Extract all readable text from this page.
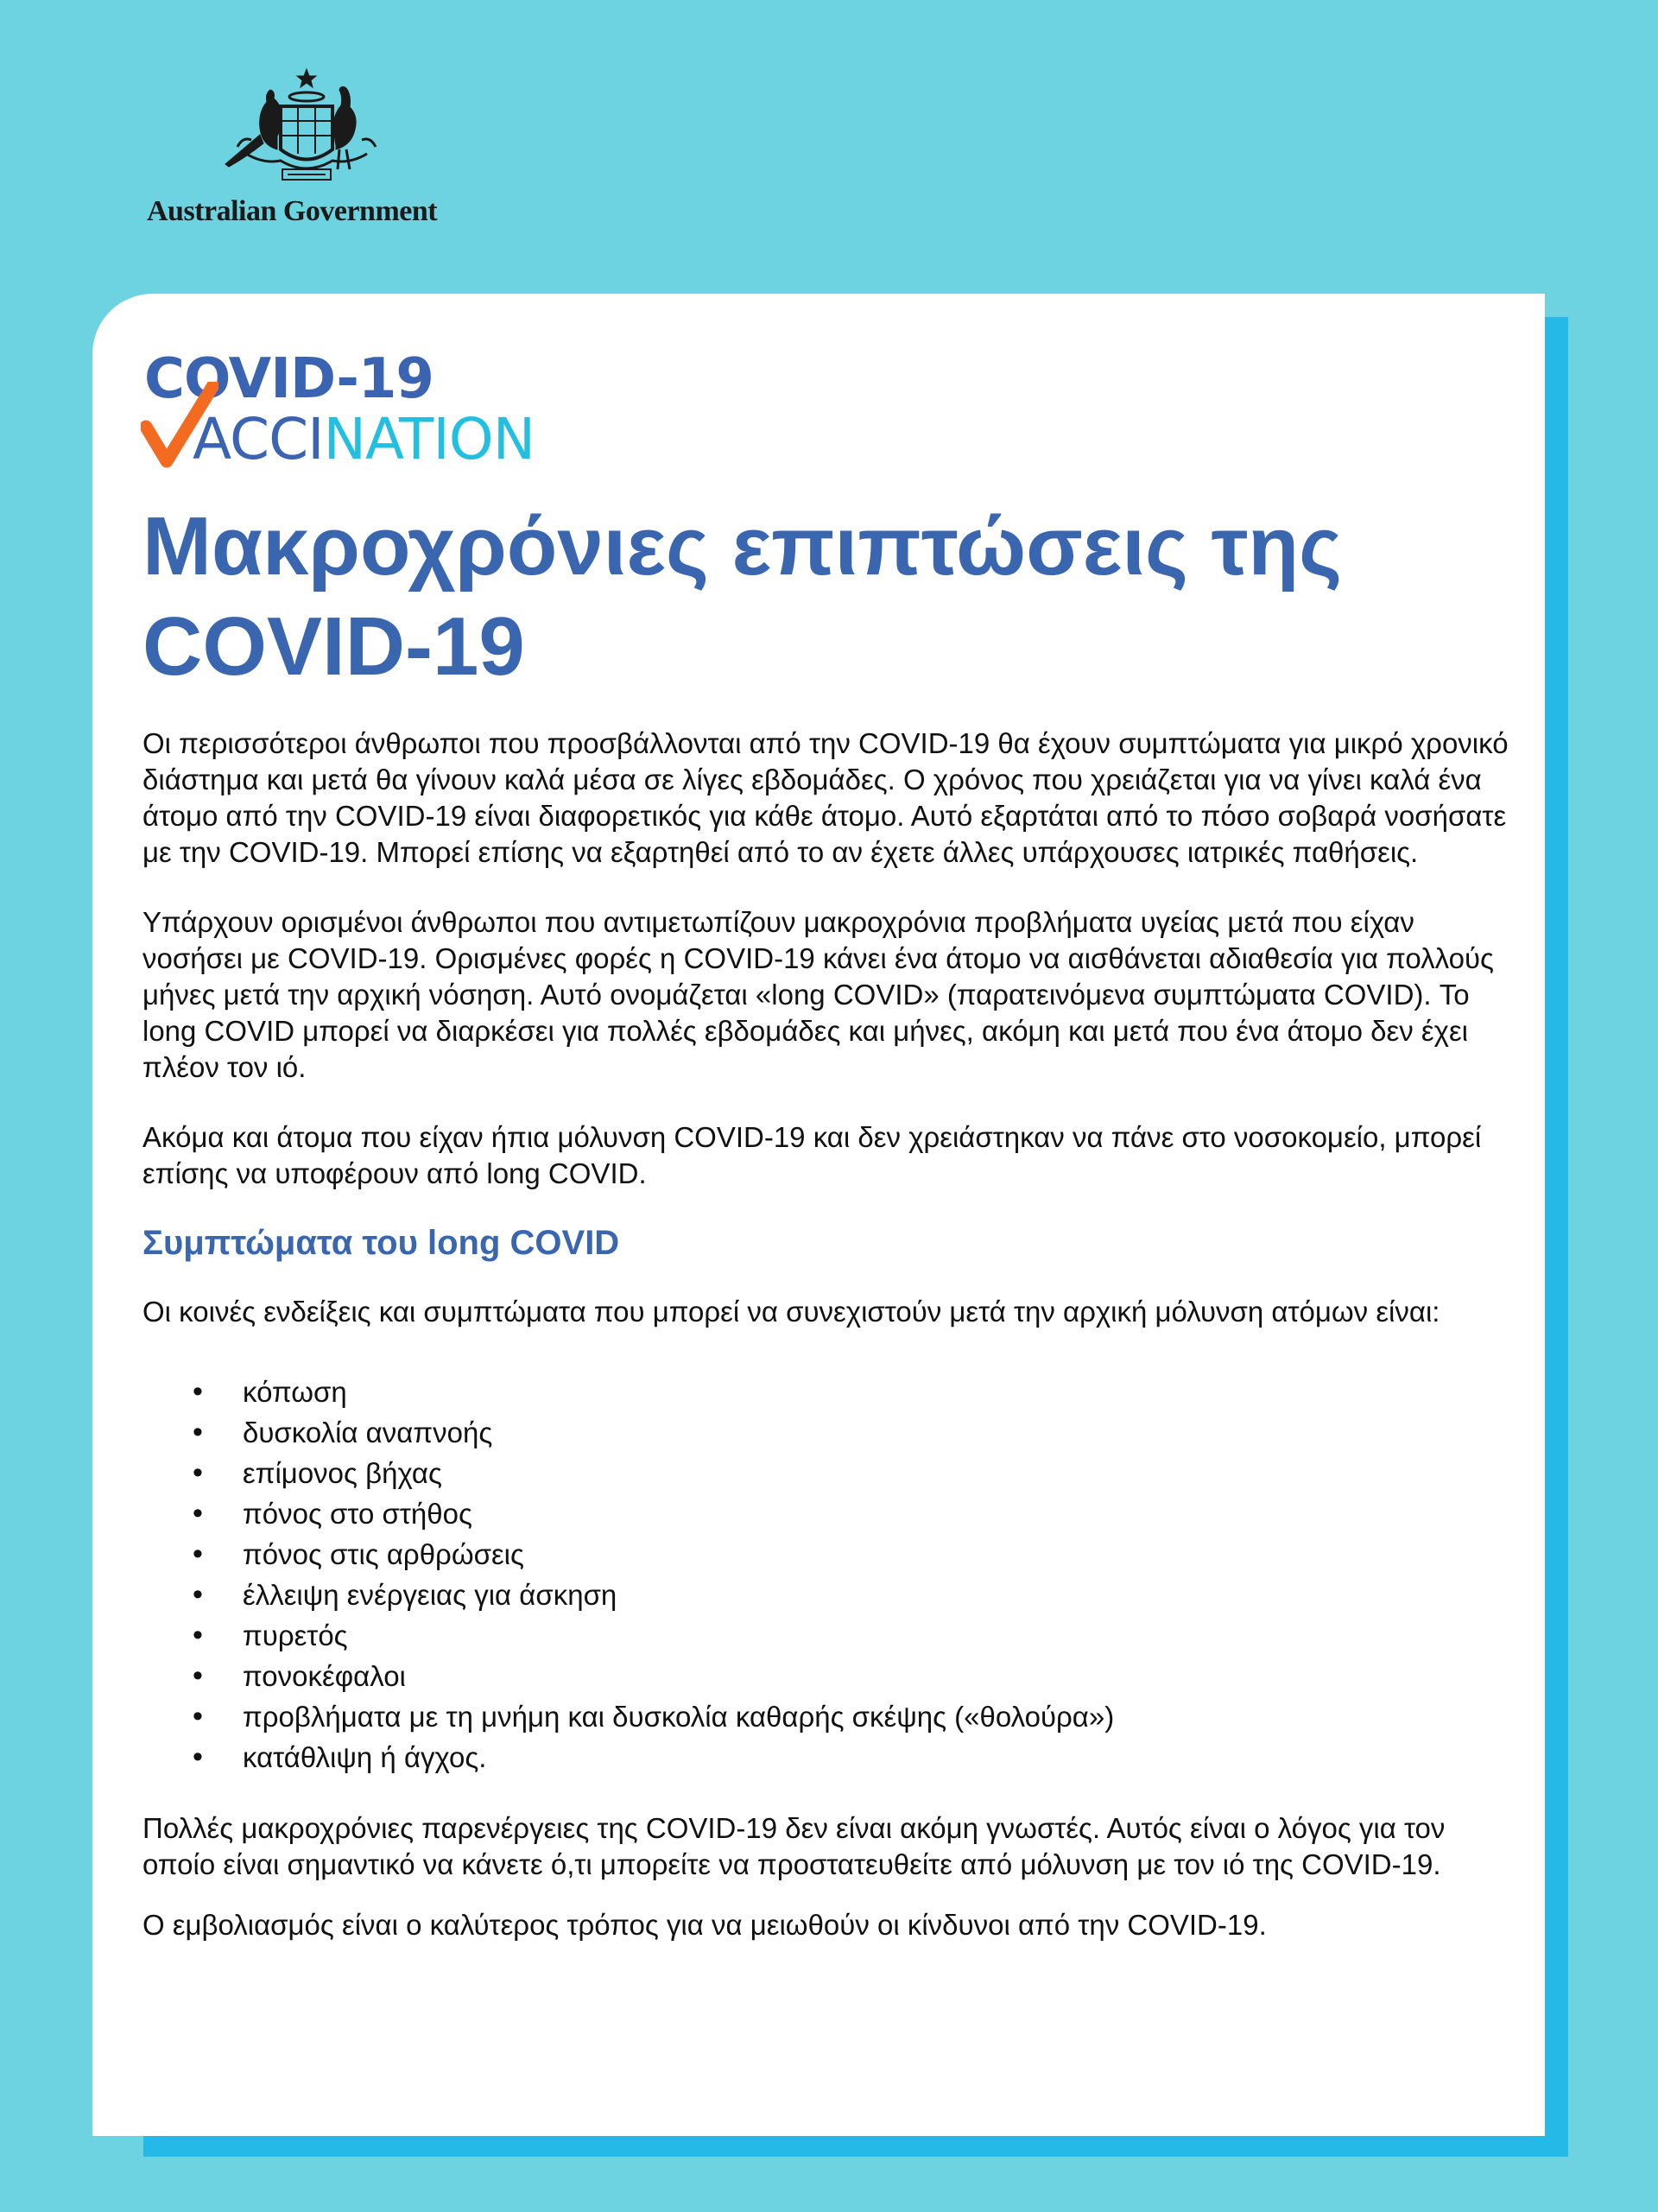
Australian Government
COVID-19
ACCINATION
Μακροχρόνιες επιπτώσεις της COVID-19

Οι περισσότεροι άνθρωποι που προσβάλλονται από την COVID-19 θα έχουν συμπτώματα για μικρό χρονικό διάστημα και μετά θα γίνουν καλά μέσα σε λίγες εβδομάδες. Ο χρόνος που χρειάζεται για να γίνει καλά ένα άτομο από την COVID-19 είναι διαφορετικός για κάθε άτομο. Αυτό εξαρτάται από το πόσο σοβαρά νοσήσατε με την COVID-19. Μπορεί επίσης να εξαρτηθεί από το αν έχετε άλλες υπάρχουσες ιατρικές παθήσεις.

Υπάρχουν ορισμένοι άνθρωποι που αντιμετωπίζουν μακροχρόνια προβλήματα υγείας μετά που είχαν νοσήσει με COVID-19. Ορισμένες φορές η COVID-19 κάνει ένα άτομο να αισθάνεται αδιαθεσία για πολλούς μήνες μετά την αρχική νόσηση. Αυτό ονομάζεται «long COVID» (παρατεινόμενα συμπτώματα COVID). Το long COVID μπορεί να διαρκέσει για πολλές εβδομάδες και μήνες, ακόμη και μετά που ένα άτομο δεν έχει πλέον τον ιό.

Ακόμα και άτομα που είχαν ήπια μόλυνση COVID-19 και δεν χρειάστηκαν να πάνε στο νοσοκομείο, μπορεί επίσης να υποφέρουν από long COVID.

Συμπτώματα του long COVID

Οι κοινές ενδείξεις και συμπτώματα που μπορεί να συνεχιστούν μετά την αρχική μόλυνση ατόμων είναι:

• κόπωση
• δυσκολία αναπνοής
• επίμονος βήχας
• πόνος στο στήθος
• πόνος στις αρθρώσεις
• έλλειψη ενέργειας για άσκηση
• πυρετός
• πονοκέφαλοι
• προβλήματα με τη μνήμη και δυσκολία καθαρής σκέψης («θολούρα»)
• κατάθλιψη ή άγχος.

Πολλές μακροχρόνιες παρενέργειες της COVID-19 δεν είναι ακόμη γνωστές. Αυτός είναι ο λόγος για τον οποίο είναι σημαντικό να κάνετε ό,τι μπορείτε να προστατευθείτε από μόλυνση με τον ιό της COVID-19.

Ο εμβολιασμός είναι ο καλύτερος τρόπος για να μειωθούν οι κίνδυνοι από την COVID-19.
